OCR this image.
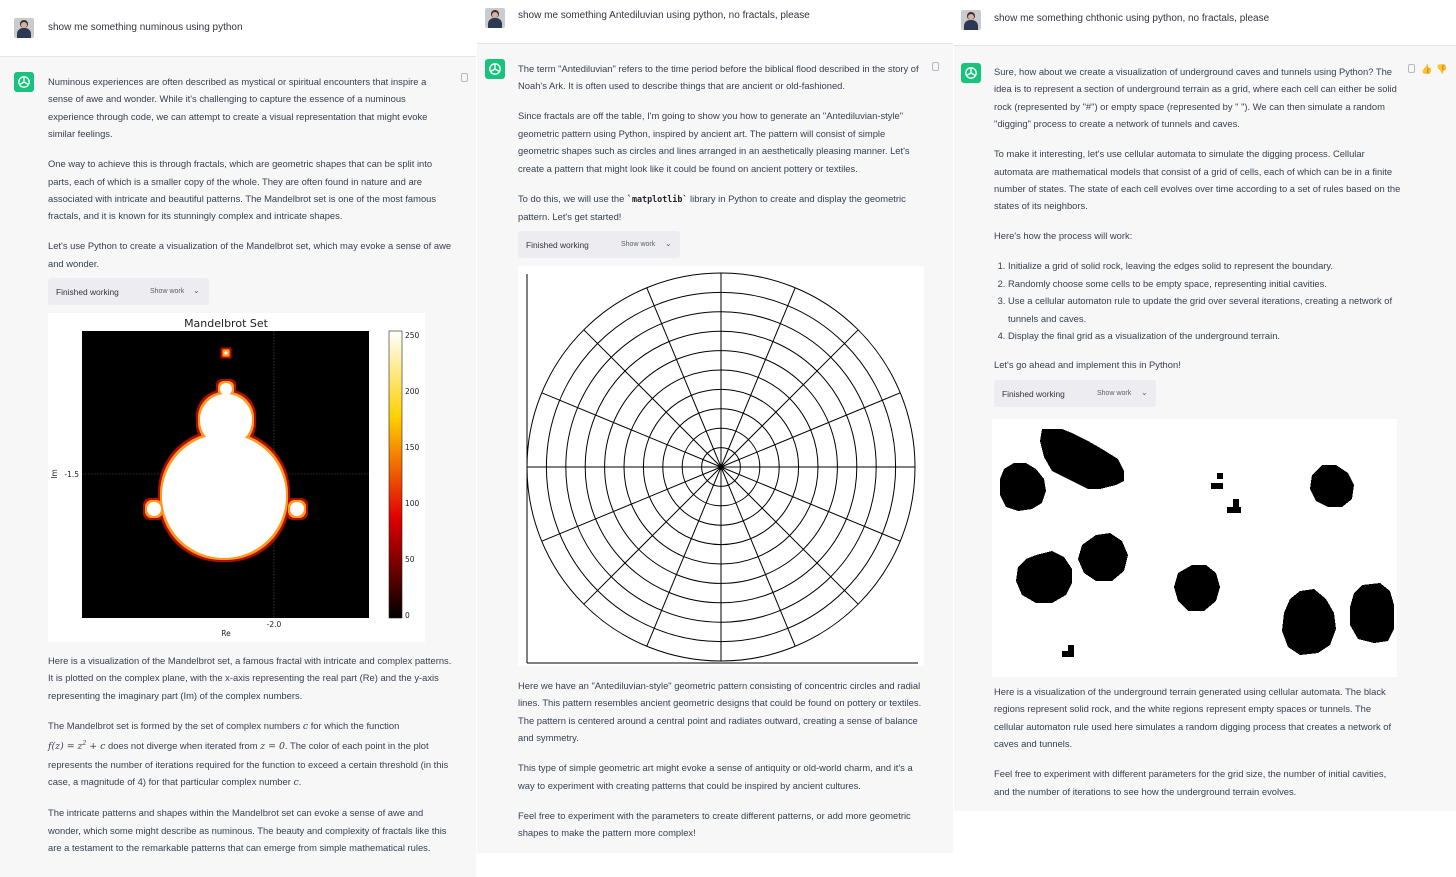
show me something numinous using python

Numinous experiences are often described as mystical or spiritual encounters that inspire a sense of awe and wonder. While it's challenging to capture the essence of a numinous experience through code, we can attempt to create a visual representation that might evoke similar feelings.

One way to achieve this is through fractals, which are geometric shapes that can be split into parts, each of which is a smaller copy of the whole. They are often found in nature and are associated with intricate and beautiful patterns. The Mandelbrot set is one of the most famous fractals, and it is known for its stunningly complex and intricate shapes.

Let's use Python to create a visualization of the Mandelbrot set, which may evoke a sense of awe and wonder.

Finished working	Show work ⌄
Mandelbrot Set
-2.0
Re
-1.5
Im
250
200
150
100
50
0

Here is a visualization of the Mandelbrot set, a famous fractal with intricate and complex patterns. It is plotted on the complex plane, with the x-axis representing the real part (Re) and the y-axis representing the imaginary part (Im) of the complex numbers.

The Mandelbrot set is formed by the set of complex numbers c for which the function
$f(z) = z^2 + c$ does not diverge when iterated from z = 0. The color of each point in the plot represents the number of iterations required for the function to exceed a certain threshold (in this case, a magnitude of 4) for that particular complex number c.

The intricate patterns and shapes within the Mandelbrot set can evoke a sense of awe and wonder, which some might describe as numinous. The beauty and complexity of fractals like this are a testament to the remarkable patterns that can emerge from simple mathematical rules.

show me something Antediluvian using python, no fractals, please

The term "Antediluvian" refers to the time period before the biblical flood described in the story of Noah's Ark. It is often used to describe things that are ancient or old-fashioned.

Since fractals are off the table, I'm going to show you how to generate an "Antediluvian-style" geometric pattern using Python, inspired by ancient art. The pattern will consist of simple geometric shapes such as circles and lines arranged in an aesthetically pleasing manner. Let's create a pattern that might look like it could be found on ancient pottery or textiles.

To do this, we will use the `matplotlib` library in Python to create and display the geometric pattern. Let's get started!

Finished working	Show work ⌄

Here we have an "Antediluvian-style" geometric pattern consisting of concentric circles and radial lines. This pattern resembles ancient geometric designs that could be found on pottery or textiles. The pattern is centered around a central point and radiates outward, creating a sense of balance and symmetry.

This type of simple geometric art might evoke a sense of antiquity or old-world charm, and it's a way to experiment with creating patterns that could be inspired by ancient cultures.

Feel free to experiment with the parameters to create different patterns, or add more geometric shapes to make the pattern more complex!

show me something chthonic using python, no fractals, please
👍 👎

Sure, how about we create a visualization of underground caves and tunnels using Python? The idea is to represent a section of underground terrain as a grid, where each cell can either be solid rock (represented by "#") or empty space (represented by " "). We can then simulate a random "digging" process to create a network of tunnels and caves.

To make it interesting, let's use cellular automata to simulate the digging process. Cellular automata are mathematical models that consist of a grid of cells, each of which can be in a finite number of states. The state of each cell evolves over time according to a set of rules based on the states of its neighbors.

Here's how the process will work:

1. Initialize a grid of solid rock, leaving the edges solid to represent the boundary.
2. Randomly choose some cells to be empty space, representing initial cavities.
3. Use a cellular automaton rule to update the grid over several iterations, creating a network of tunnels and caves.
4. Display the final grid as a visualization of the underground terrain.

Let's go ahead and implement this in Python!

Finished working	Show work ⌄

Here is a visualization of the underground terrain generated using cellular automata. The black regions represent solid rock, and the white regions represent empty spaces or tunnels. The cellular automaton rule used here simulates a random digging process that creates a network of caves and tunnels.

Feel free to experiment with different parameters for the grid size, the number of initial cavities, and the number of iterations to see how the underground terrain evolves.
